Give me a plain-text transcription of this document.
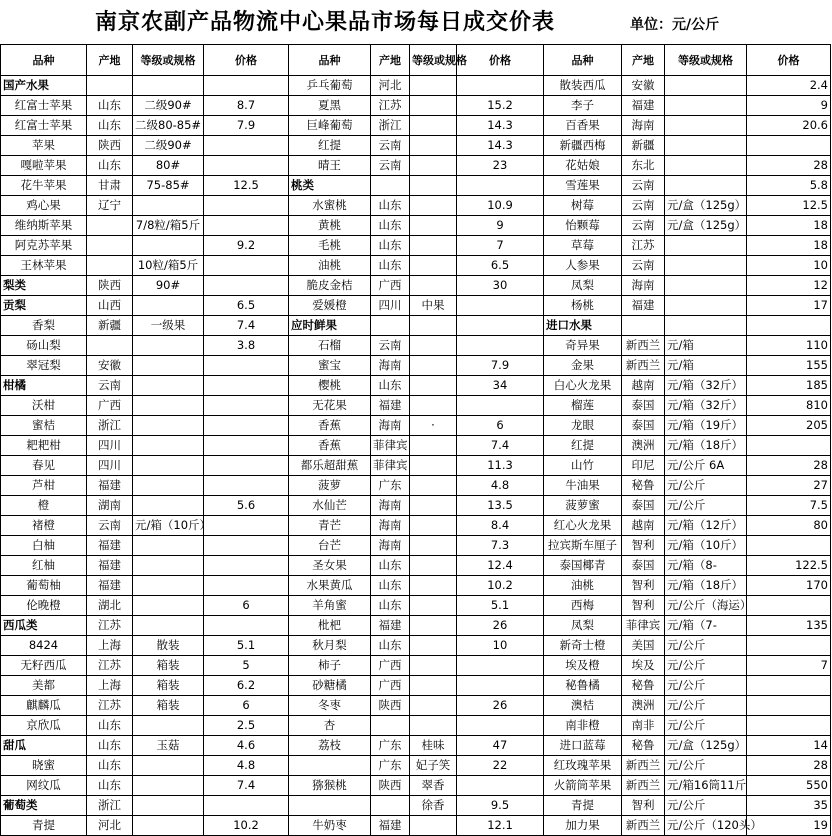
南京农副产品物流中心果品市场每日成交价表	单位：元/公斤
品种	产地	等级或规格	价格	品种	产地	等级或规格	价格	品种	产地	等级或规格	价格
国产水果				乒乓葡萄	河北			散装西瓜	安徽		2.4
红富士苹果	山东	二级90#	8.7	夏黑	江苏		15.2	李子	福建		9
红富士苹果	山东	二级80-85#	7.9	巨峰葡萄	浙江		14.3	百香果	海南		20.6
苹果	陕西	二级90#		红提	云南		14.3	新疆西梅	新疆		
嘎啦苹果	山东	80#		晴王	云南		23	花姑娘	东北		28
花牛苹果	甘肃	75-85#	12.5	桃类				雪莲果	云南		5.8
鸡心果	辽宁			水蜜桃	山东		10.9	树莓	云南	元/盒（125g）	12.5
维纳斯苹果		7/8粒/箱5斤		黄桃	山东		9	怡颗莓	云南	元/盒（125g）	18
阿克苏苹果			9.2	毛桃	山东		7	草莓	江苏		18
王林苹果		10粒/箱5斤		油桃	山东		6.5	人参果	云南		10
梨类	陕西	90#		脆皮金桔	广西		30	凤梨	海南		12
贡梨	山西		6.5	爱媛橙	四川	中果		杨桃	福建		17
香梨	新疆	一级果	7.4	应时鲜果				进口水果			
砀山梨			3.8	石榴	云南			奇异果	新西兰	元/箱	110
翠冠梨	安徽			蜜宝	海南		7.9	金果	新西兰	元/箱	155
柑橘	云南			樱桃	山东		34	白心火龙果	越南	元/箱（32斤）	185
沃柑	广西			无花果	福建			榴莲	泰国	元/箱（32斤）	810
蜜桔	浙江			香蕉	海南	·	6	龙眼	泰国	元/箱（19斤）	205
耙耙柑	四川			香蕉	菲律宾		7.4	红提	澳洲	元/箱（18斤）	
春见	四川			都乐超甜蕉	菲律宾		11.3	山竹	印尼	元/公斤 6A	28
芦柑	福建			菠萝	广东		4.8	牛油果	秘鲁	元/公斤	27
橙	湖南		5.6	水仙芒	海南		13.5	菠萝蜜	泰国	元/公斤	7.5
褚橙	云南	元/箱（10斤）		青芒	海南		8.4	红心火龙果	越南	元/箱（12斤）	80
白柚	福建			台芒	海南		7.3	拉宾斯车厘子	智利	元/箱（10斤）	
红柚	福建			圣女果	山东		12.4	泰国椰青	泰国	元/箱（8-	122.5
葡萄柚	福建			水果黄瓜	山东		10.2	油桃	智利	元/箱（18斤）	170
伦晚橙	湖北		6	羊角蜜	山东		5.1	西梅	智利	元/公斤（海运）	
西瓜类	江苏			枇杷	福建		26	凤梨	菲律宾	元/箱（7-	135
8424	上海	散装	5.1	秋月梨	山东		10	新奇士橙	美国	元/公斤	
无籽西瓜	江苏	箱装	5	柿子	广西			埃及橙	埃及	元/公斤	7
美都	上海	箱装	6.2	砂糖橘	广西			秘鲁橘	秘鲁	元/公斤	
麒麟瓜	江苏	箱装	6	冬枣	陕西		26	澳桔	澳洲	元/公斤	
京欣瓜	山东		2.5	杏				南非橙	南非	元/公斤	
甜瓜	山东	玉菇	4.6	荔枝	广东	桂味	47	进口蓝莓	秘鲁	元/盒（125g）	14
晓蜜	山东		4.8		广东	妃子笑	22	红玫瑰苹果	新西兰	元/公斤	28
网纹瓜	山东		7.4	猕猴桃	陕西	翠香		火箭筒苹果	新西兰	元/箱16筒11斤	550
葡萄类	浙江					徐香	9.5	青提	智利	元/公斤	35
青提	河北		10.2	牛奶枣	福建		12.1	加力果	新西兰	元/公斤（120头）	19
